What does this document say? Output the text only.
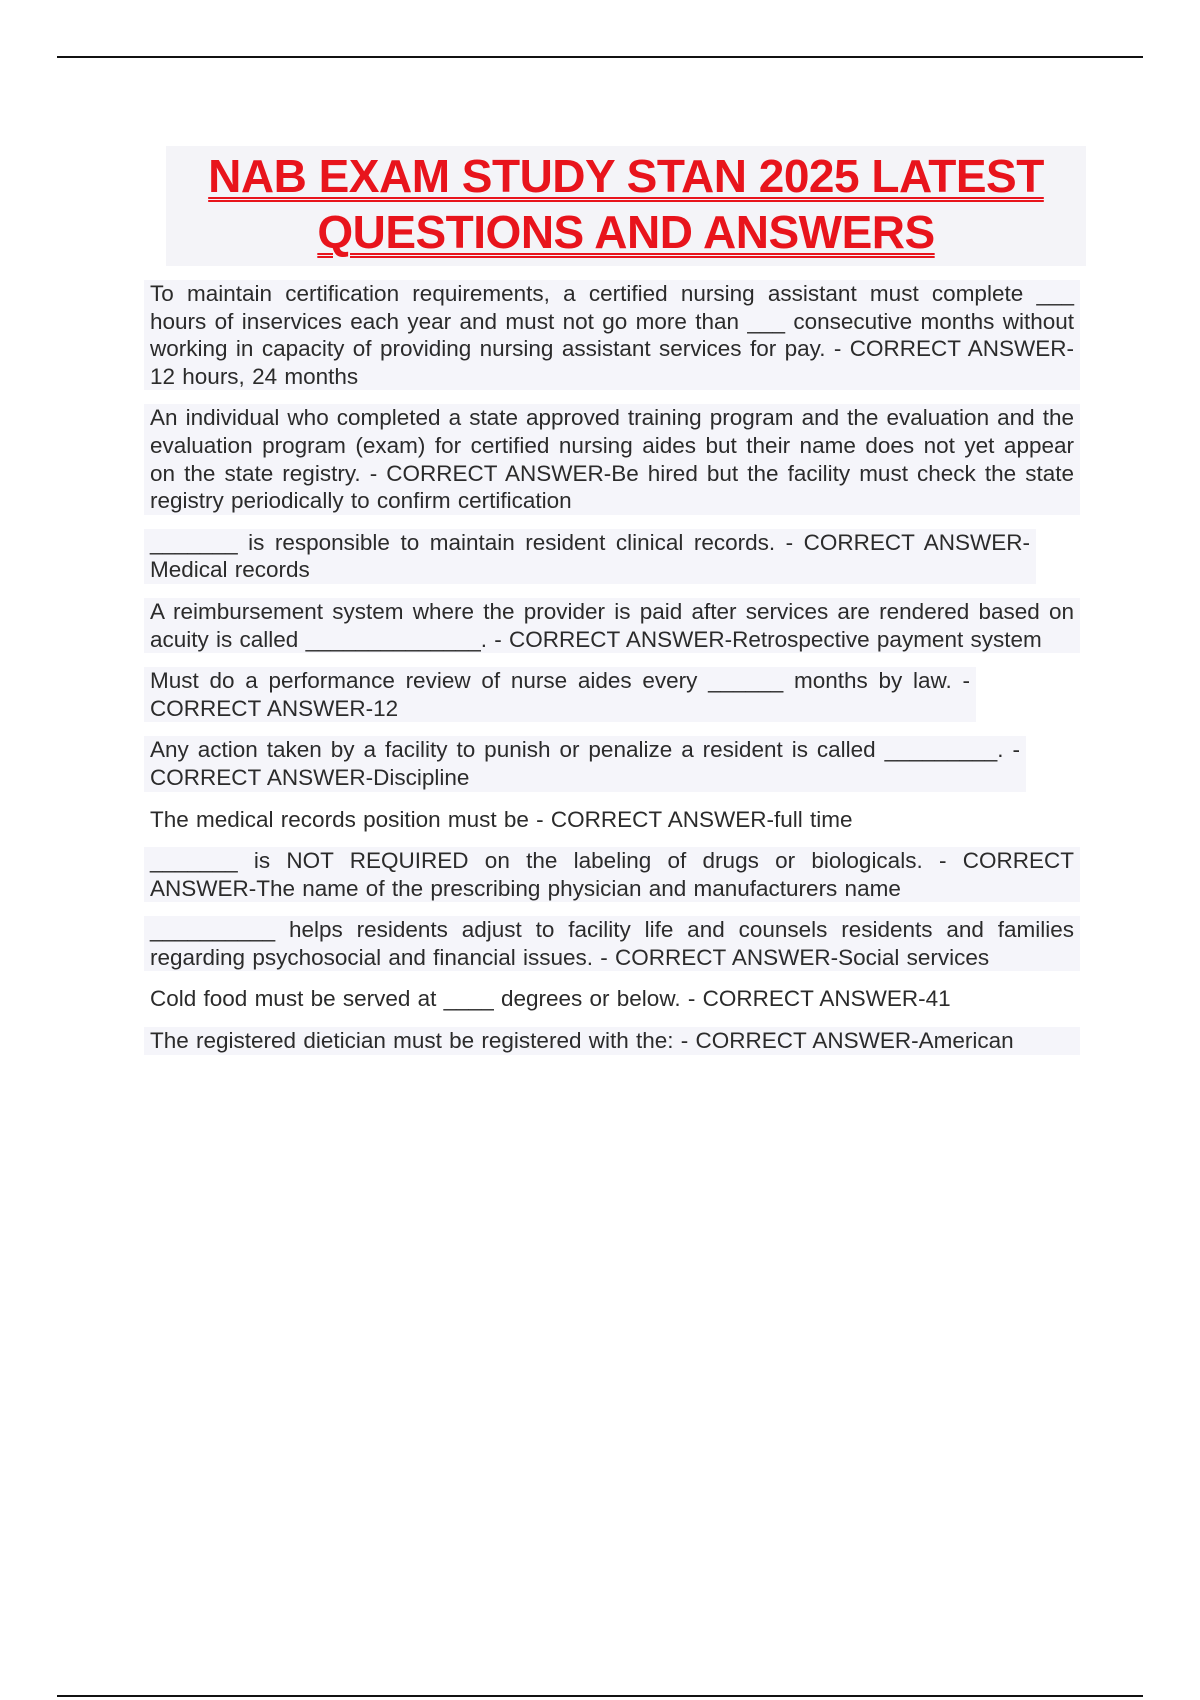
NAB EXAM STUDY STAN 2025 LATEST
QUESTIONS AND ANSWERS

To maintain certification requirements, a certified nursing assistant must complete ___ hours of inservices each year and must not go more than ___ consecutive months without working in capacity of providing nursing assistant services for pay. - CORRECT ANSWER-12 hours, 24 months

An individual who completed a state approved training program and the evaluation and the evaluation program (exam) for certified nursing aides but their name does not yet appear on the state registry. - CORRECT ANSWER-Be hired but the facility must check the state registry periodically to confirm certification

_______ is responsible to maintain resident clinical records. - CORRECT ANSWER-Medical records

A reimbursement system where the provider is paid after services are rendered based on acuity is called ______________. - CORRECT ANSWER-Retrospective payment system

Must do a performance review of nurse aides every ______ months by law. - CORRECT ANSWER-12

Any action taken by a facility to punish or penalize a resident is called _________. - CORRECT ANSWER-Discipline

The medical records position must be - CORRECT ANSWER-full time

_______ is NOT REQUIRED on the labeling of drugs or biologicals. - CORRECT ANSWER-The name of the prescribing physician and manufacturers name

__________ helps residents adjust to facility life and counsels residents and families regarding psychosocial and financial issues. - CORRECT ANSWER-Social services

Cold food must be served at ____ degrees or below. - CORRECT ANSWER-41

The registered dietician must be registered with the: - CORRECT ANSWER-American
